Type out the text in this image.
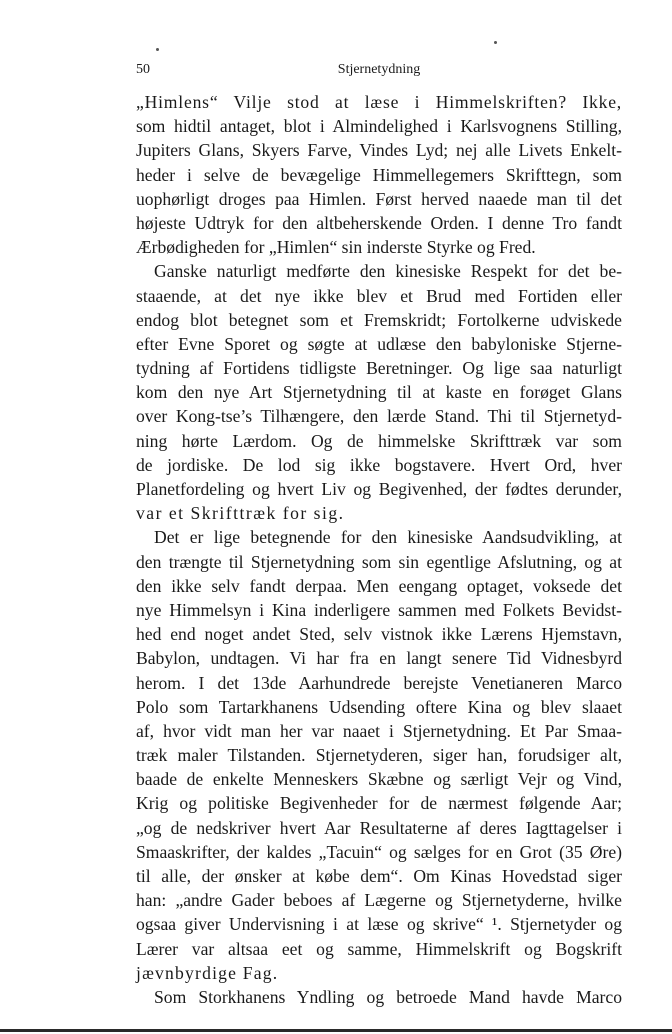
50	Stjernetydning
„Himlens“ Vilje stod at læse i Himmelskriften? Ikke,
som hidtil antaget, blot i Almindelighed i Karlsvognens Stilling,
Jupiters Glans, Skyers Farve, Vindes Lyd; nej alle Livets Enkelt-
heder i selve de bevægelige Himmellegemers Skrifttegn, som
uophørligt droges paa Himlen. Først herved naaede man til det
højeste Udtryk for den altbeherskende Orden. I denne Tro fandt
Ærbødigheden for „Himlen“ sin inderste Styrke og Fred.
Ganske naturligt medførte den kinesiske Respekt for det be-
staaende, at det nye ikke blev et Brud med Fortiden eller
endog blot betegnet som et Fremskridt; Fortolkerne udviskede
efter Evne Sporet og søgte at udlæse den babyloniske Stjerne-
tydning af Fortidens tidligste Beretninger. Og lige saa naturligt
kom den nye Art Stjernetydning til at kaste en forøget Glans
over Kong-tse’s Tilhængere, den lærde Stand. Thi til Stjernetyd-
ning hørte Lærdom. Og de himmelske Skrifttræk var som
de jordiske. De lod sig ikke bogstavere. Hvert Ord, hver
Planetfordeling og hvert Liv og Begivenhed, der fødtes derunder,
var et Skrifttræk for sig.
Det er lige betegnende for den kinesiske Aandsudvikling, at
den trængte til Stjernetydning som sin egentlige Afslutning, og at
den ikke selv fandt derpaa. Men eengang optaget, voksede det
nye Himmelsyn i Kina inderligere sammen med Folkets Bevidst-
hed end noget andet Sted, selv vistnok ikke Lærens Hjemstavn,
Babylon, undtagen. Vi har fra en langt senere Tid Vidnesbyrd
herom. I det 13de Aarhundrede berejste Venetianeren Marco
Polo som Tartarkhanens Udsending oftere Kina og blev slaaet
af, hvor vidt man her var naaet i Stjernetydning. Et Par Smaa-
træk maler Tilstanden. Stjernetyderen, siger han, forudsiger alt,
baade de enkelte Menneskers Skæbne og særligt Vejr og Vind,
Krig og politiske Begivenheder for de nærmest følgende Aar;
„og de nedskriver hvert Aar Resultaterne af deres Iagttagelser i
Smaaskrifter, der kaldes „Tacuin“ og sælges for en Grot (35 Øre)
til alle, der ønsker at købe dem“. Om Kinas Hovedstad siger
han: „andre Gader beboes af Lægerne og Stjernetyderne, hvilke
ogsaa giver Undervisning i at læse og skrive“ ¹. Stjernetyder og
Lærer var altsaa eet og samme, Himmelskrift og Bogskrift
jævnbyrdige Fag.
Som Storkhanens Yndling og betroede Mand havde Marco
